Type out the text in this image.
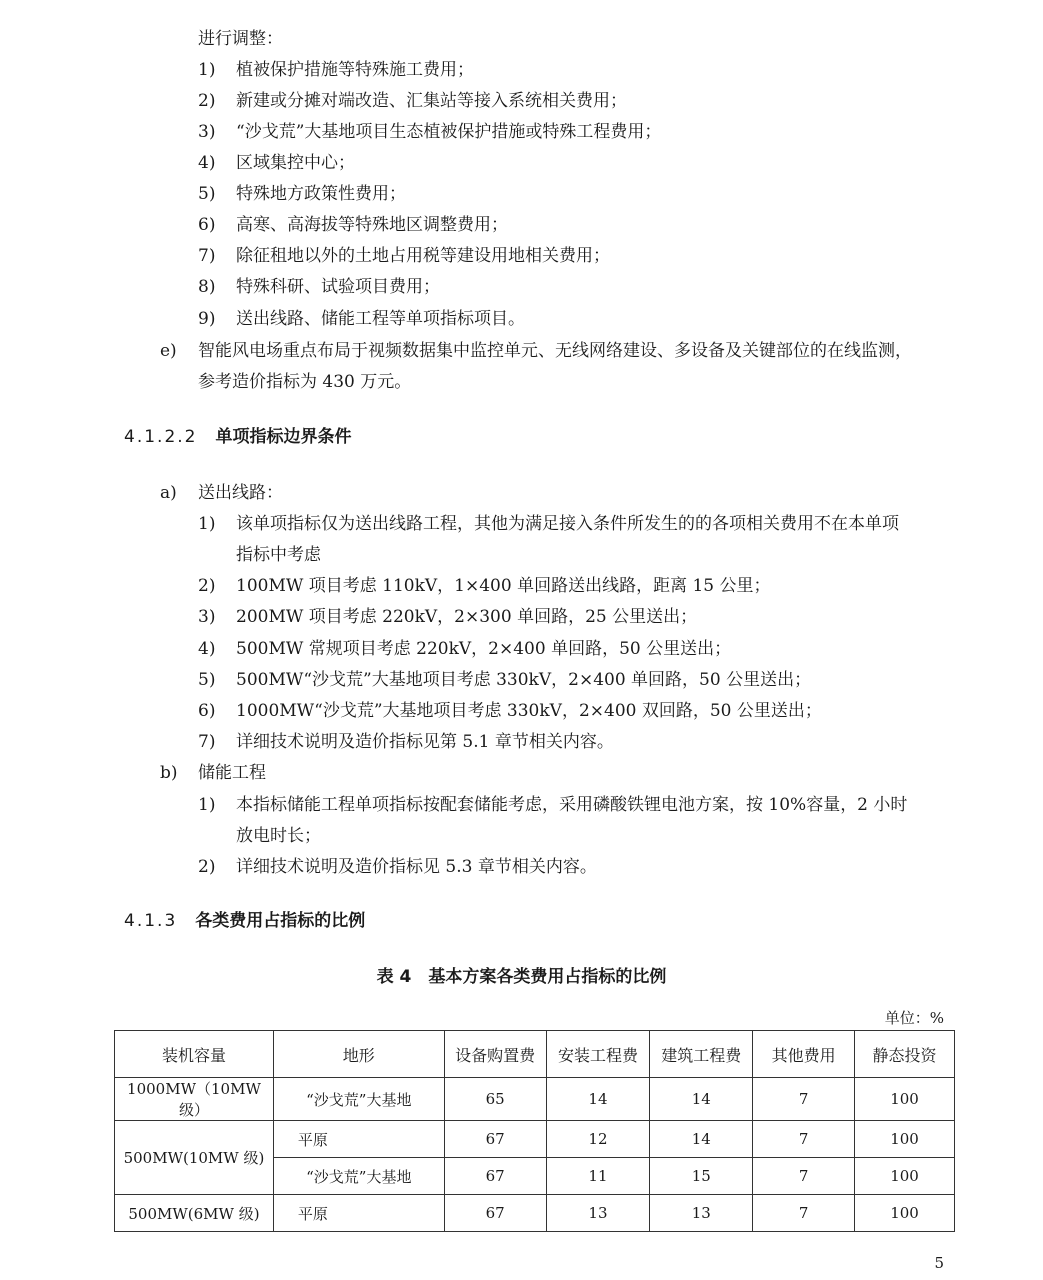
进行调整：
1) 植被保护措施等特殊施工费用；
2) 新建或分摊对端改造、汇集站等接入系统相关费用；
3) “沙戈荒”大基地项目生态植被保护措施或特殊工程费用；
4) 区域集控中心；
5) 特殊地方政策性费用；
6) 高寒、高海拔等特殊地区调整费用；
7) 除征租地以外的土地占用税等建设用地相关费用；
8) 特殊科研、试验项目费用；
9) 送出线路、储能工程等单项指标项目。
e) 智能风电场重点布局于视频数据集中监控单元、无线网络建设、多设备及关键部位的在线监测，
参考造价指标为 430 万元。
4.1.2.2 单项指标边界条件
a) 送出线路：
1) 该单项指标仅为送出线路工程，其他为满足接入条件所发生的的各项相关费用不在本单项
指标中考虑
2) 100MW 项目考虑 110kV，1×400 单回路送出线路，距离 15 公里；
3) 200MW 项目考虑 220kV，2×300 单回路，25 公里送出；
4) 500MW 常规项目考虑 220kV，2×400 单回路，50 公里送出；
5) 500MW“沙戈荒”大基地项目考虑 330kV，2×400 单回路，50 公里送出；
6) 1000MW“沙戈荒”大基地项目考虑 330kV，2×400 双回路，50 公里送出；
7) 详细技术说明及造价指标见第 5.1 章节相关内容。
b) 储能工程
1) 本指标储能工程单项指标按配套储能考虑，采用磷酸铁锂电池方案，按 10%容量，2 小时
放电时长；
2) 详细技术说明及造价指标见 5.3 章节相关内容。
4.1.3 各类费用占指标的比例
表 4　基本方案各类费用占指标的比例
单位：%
装机容量	地形	设备购置费	安装工程费	建筑工程费	其他费用	静态投资
1000MW（10MW 级）	“沙戈荒”大基地	65	14	14	7	100
500MW(10MW 级)	平原	67	12	14	7	100
	“沙戈荒”大基地	67	11	15	7	100
500MW(6MW 级)	平原	67	13	13	7	100
5
